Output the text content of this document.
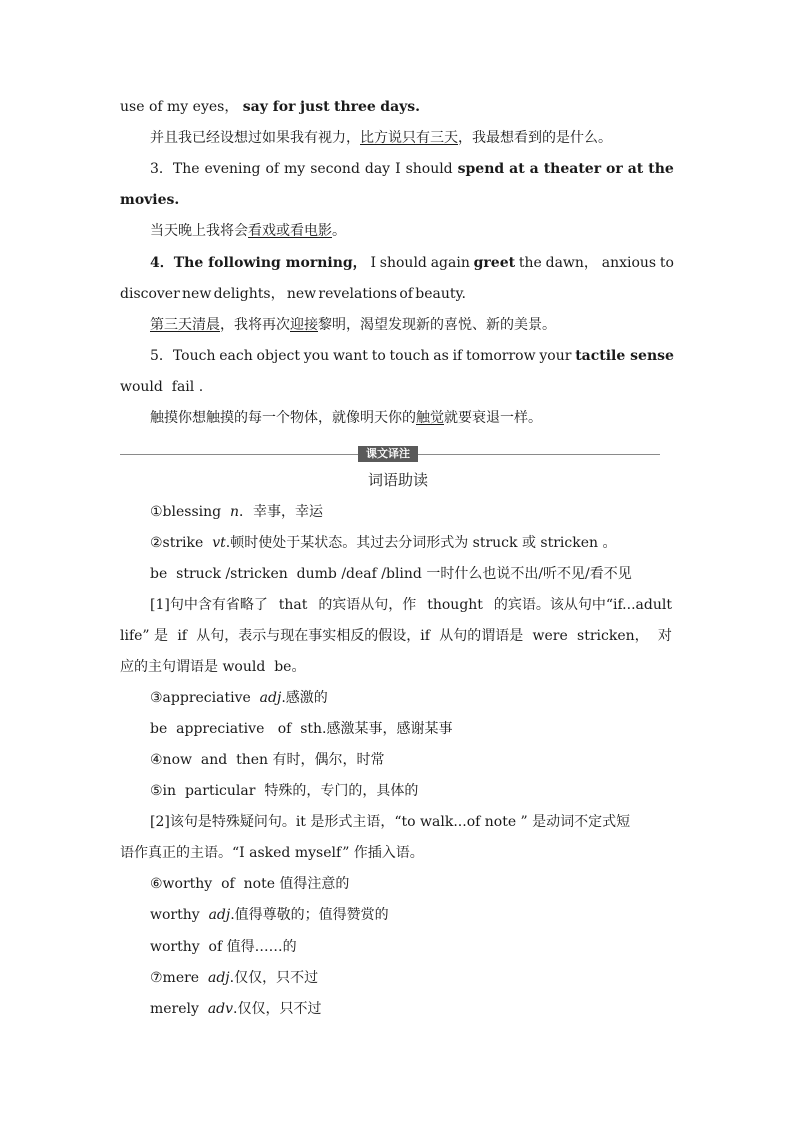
use of my eyes， say for just three days.
并且我已经设想过如果我有视力，比方说只有三天，我最想看到的是什么。
3．The evening of my second day I should spend at a theater or at the
movies.
当天晚上我将会看戏或看电影。
4．The following morning， I should again greet the dawn， anxious to
discover new delights， new revelations of beauty.
第三天清晨，我将再次迎接黎明，渴望发现新的喜悦、新的美景。
5．Touch each object you want to touch as if tomorrow your tactile sense
would  fail .
触摸你想触摸的每一个物体，就像明天你的触觉就要衰退一样。
课文译注
词语助读
①blessing  n．幸事，幸运
②strike  vt.顿时使处于某状态。其过去分词形式为 struck 或 stricken 。
be  struck /stricken  dumb /deaf /blind 一时什么也说不出/听不见/看不见
[1]句中含有省略了 that 的宾语从句，作 thought 的宾语。该从句中“if...adult
life” 是 if 从句，表示与现在事实相反的假设，if 从句的谓语是 were stricken， 对
应的主句谓语是 would  be。
③appreciative  adj.感激的
be  appreciative   of  sth.感激某事，感谢某事
④now  and  then 有时，偶尔，时常
⑤in  particular  特殊的，专门的，具体的
[2]该句是特殊疑问句。it 是形式主语，“to walk...of note ” 是动词不定式短
语作真正的主语。“I asked myself” 作插入语。
⑥worthy  of  note 值得注意的
worthy  adj.值得尊敬的；值得赞赏的
worthy  of 值得……的
⑦mere  adj.仅仅，只不过
merely  adv.仅仅，只不过
